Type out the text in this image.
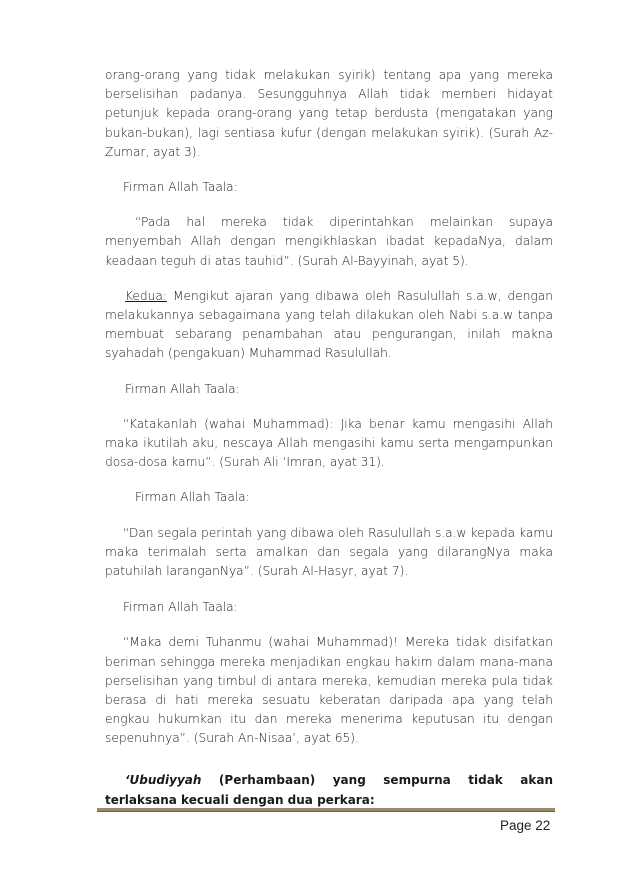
orang-orang yang tidak melakukan syirik) tentang apa yang mereka berselisihan padanya. Sesungguhnya Allah tidak memberi hidayat petunjuk kepada orang-orang yang tetap berdusta (mengatakan yang bukan-bukan), lagi sentiasa kufur (dengan melakukan syirik). (Surah Az-Zumar, ayat 3).

Firman Allah Taala:

“Pada hal mereka tidak diperintahkan melainkan supaya menyembah Allah dengan mengikhlaskan ibadat kepadaNya, dalam keadaan teguh di atas tauhid”. (Surah Al-Bayyinah, ayat 5).

Kedua: Mengikut ajaran yang dibawa oleh Rasulullah s.a.w, dengan melakukannya sebagaimana yang telah dilakukan oleh Nabi s.a.w tanpa membuat sebarang penambahan atau pengurangan, inilah makna syahadah (pengakuan) Muhammad Rasulullah.

Firman Allah Taala:

“Katakanlah (wahai Muhammad): Jika benar kamu mengasihi Allah maka ikutilah aku, nescaya Allah mengasihi kamu serta mengampunkan dosa-dosa kamu”. (Surah Ali ‘Imran, ayat 31).

Firman Allah Taala:

“Dan segala perintah yang dibawa oleh Rasulullah s.a.w kepada kamu maka terimalah serta amalkan dan segala yang dilarangNya maka patuhilah laranganNya”. (Surah Al-Hasyr, ayat 7).

Firman Allah Taala:

“Maka demi Tuhanmu (wahai Muhammad)! Mereka tidak disifatkan beriman sehingga mereka menjadikan engkau hakim dalam mana-mana perselisihan yang timbul di antara mereka, kemudian mereka pula tidak berasa di hati mereka sesuatu keberatan daripada apa yang telah engkau hukumkan itu dan mereka menerima keputusan itu dengan sepenuhnya”. (Surah An-Nisaa’, ayat 65).

‘Ubudiyyah (Perhambaan) yang sempurna tidak akan terlaksana kecuali dengan dua perkara:

Page 22
